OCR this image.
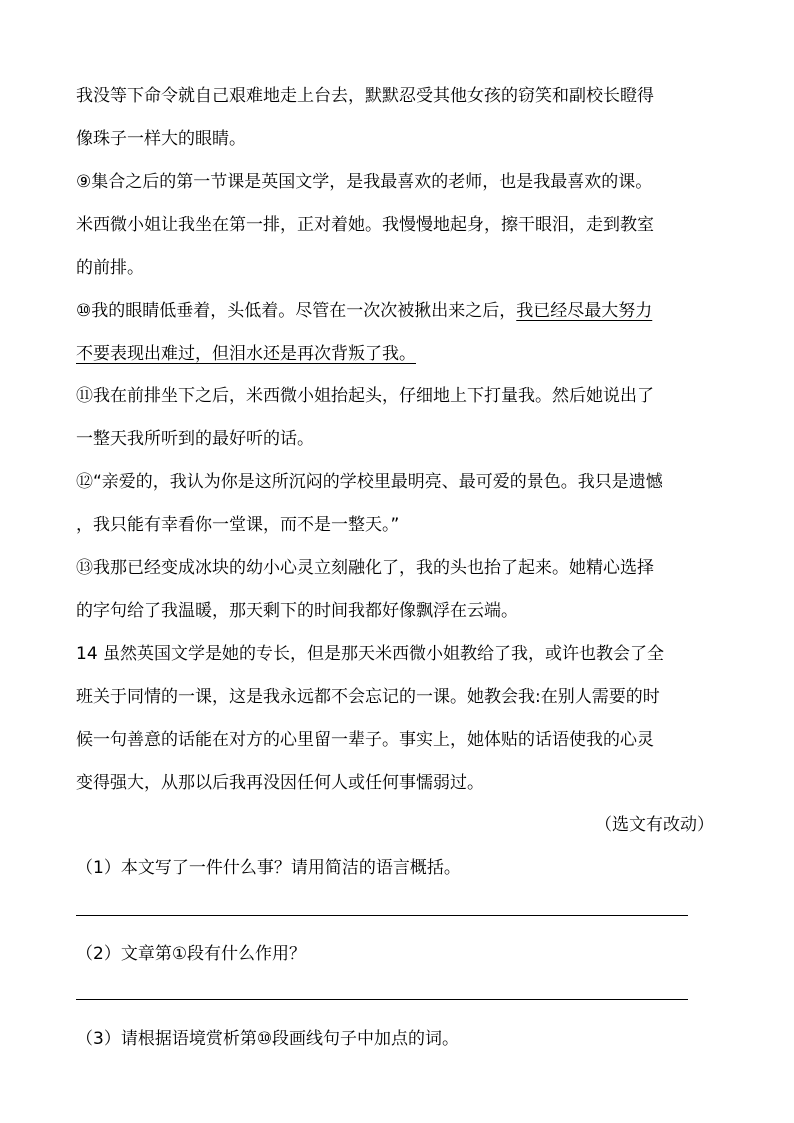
我没等下命令就自己艰难地走上台去，默默忍受其他女孩的窃笑和副校长瞪得
像珠子一样大的眼睛。
⑨集合之后的第一节课是英国文学，是我最喜欢的老师，也是我最喜欢的课。
米西微小姐让我坐在第一排，正对着她。我慢慢地起身，擦干眼泪，走到教室
的前排。
⑩我的眼睛低垂着，头低着。尽管在一次次被揪出来之后，我已经尽最大努力
不要表现出难过，但泪水还是再次背叛了我。
⑪我在前排坐下之后，米西微小姐抬起头，仔细地上下打量我。然后她说出了
一整天我所听到的最好听的话。
⑫“亲爱的，我认为你是这所沉闷的学校里最明亮、最可爱的景色。我只是遗憾
，我只能有幸看你一堂课，而不是一整天。”
⑬我那已经变成冰块的幼小心灵立刻融化了，我的头也抬了起来。她精心选择
的字句给了我温暖，那天剩下的时间我都好像飘浮在云端。
14 虽然英国文学是她的专长，但是那天米西微小姐教给了我，或许也教会了全
班关于同情的一课，这是我永远都不会忘记的一课。她教会我:在别人需要的时
候一句善意的话能在对方的心里留一辈子。事实上，她体贴的话语使我的心灵
变得强大，从那以后我再没因任何人或任何事懦弱过。
（选文有改动）
（1）本文写了一件什么事？请用简洁的语言概括。
（2）文章第①段有什么作用？
（3）请根据语境赏析第⑩段画线句子中加点的词。
